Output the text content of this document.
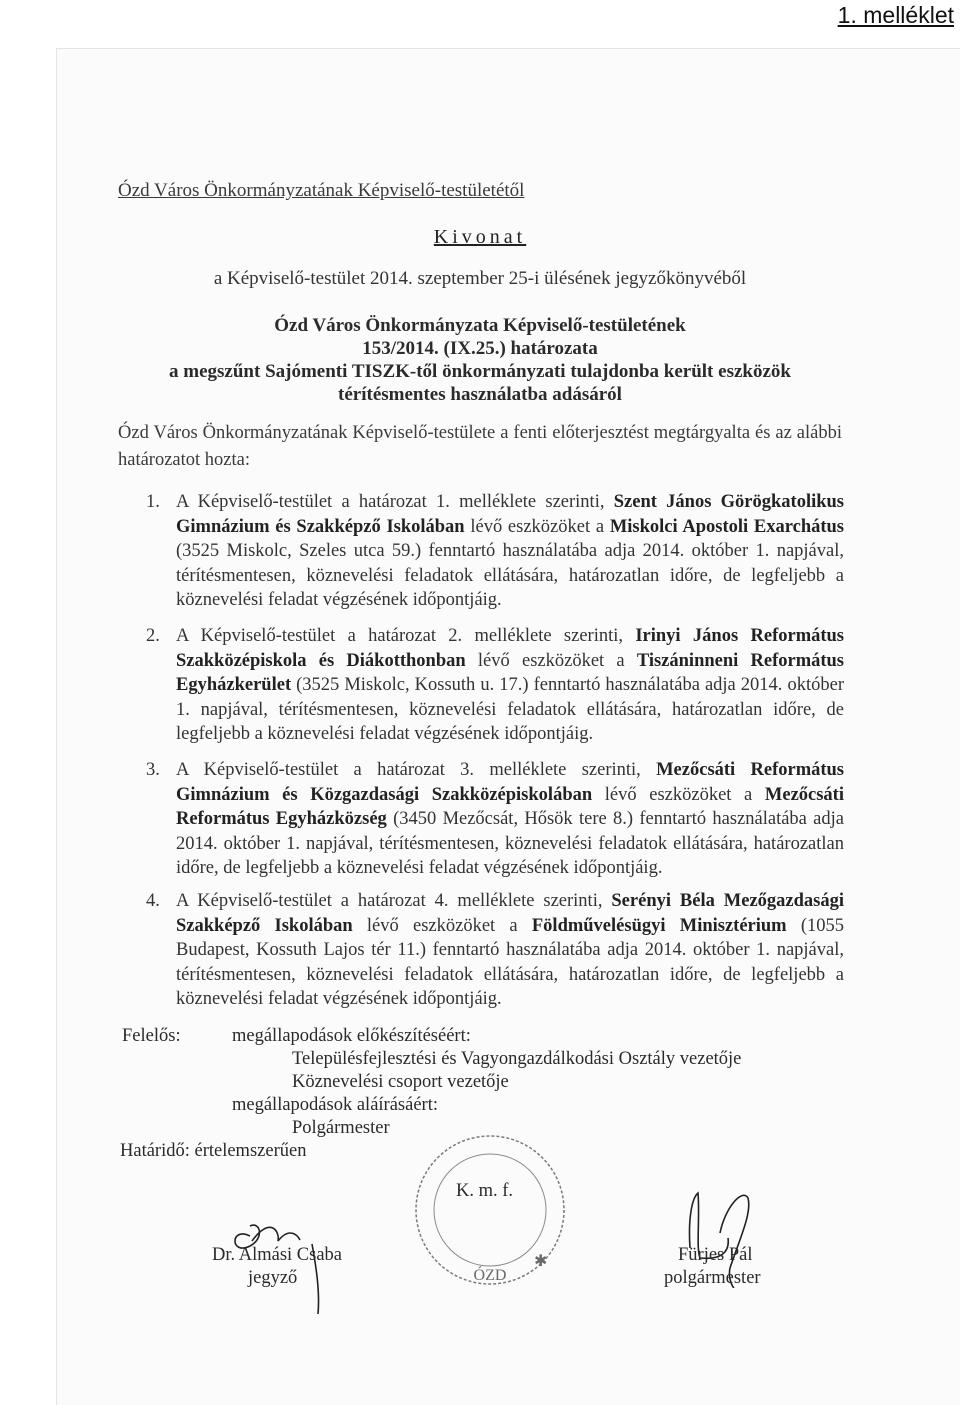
1. melléklet
Ózd Város Önkormányzatának Képviselő-testületétől
Kivonat
a Képviselő-testület 2014. szeptember 25-i ülésének jegyzőkönyvéből
Ózd Város Önkormányzata Képviselő-testületének
153/2014. (IX.25.) határozata
a megszűnt Sajómenti TISZK-től önkormányzati tulajdonba került eszközök
térítésmentes használatba adásáról
Ózd Város Önkormányzatának Képviselő-testülete a fenti előterjesztést megtárgyalta és az alábbi határozatot hozta:
1. A Képviselő-testület a határozat 1. melléklete szerinti, Szent János Görögkatolikus Gimnázium és Szakképző Iskolában lévő eszközöket a Miskolci Apostoli Exarchátus (3525 Miskolc, Szeles utca 59.) fenntartó használatába adja 2014. október 1. napjával, térítésmentesen, köznevelési feladatok ellátására, határozatlan időre, de legfeljebb a köznevelési feladat végzésének időpontjáig.
2. A Képviselő-testület a határozat 2. melléklete szerinti, Irinyi János Református Szakközépiskola és Diákotthonban lévő eszközöket a Tiszáninneni Református Egyházkerület (3525 Miskolc, Kossuth u. 17.) fenntartó használatába adja 2014. október 1. napjával, térítésmentesen, köznevelési feladatok ellátására, határozatlan időre, de legfeljebb a köznevelési feladat végzésének időpontjáig.
3. A Képviselő-testület a határozat 3. melléklete szerinti, Mezőcsáti Református Gimnázium és Közgazdasági Szakközépiskolában lévő eszközöket a Mezőcsáti Református Egyházközség (3450 Mezőcsát, Hősök tere 8.) fenntartó használatába adja 2014. október 1. napjával, térítésmentesen, köznevelési feladatok ellátására, határozatlan időre, de legfeljebb a köznevelési feladat végzésének időpontjáig.
4. A Képviselő-testület a határozat 4. melléklete szerinti, Serényi Béla Mezőgazdasági Szakképző Iskolában lévő eszközöket a Földművelésügyi Minisztérium (1055 Budapest, Kossuth Lajos tér 11.) fenntartó használatába adja 2014. október 1. napjával, térítésmentesen, köznevelési feladatok ellátására, határozatlan időre, de legfeljebb a köznevelési feladat végzésének időpontjáig.
Felelős:	megállapodások előkészítéséért:
Településfejlesztési és Vagyongazdálkodási Osztály vezetője
Köznevelési csoport vezetője
megállapodások aláírásáért:
Polgármester
Határidő: értelemszerűen
ÓZD
✱
K. m. f.
Dr. Almási Csaba
jegyző
Fürjes Pál
polgármester
